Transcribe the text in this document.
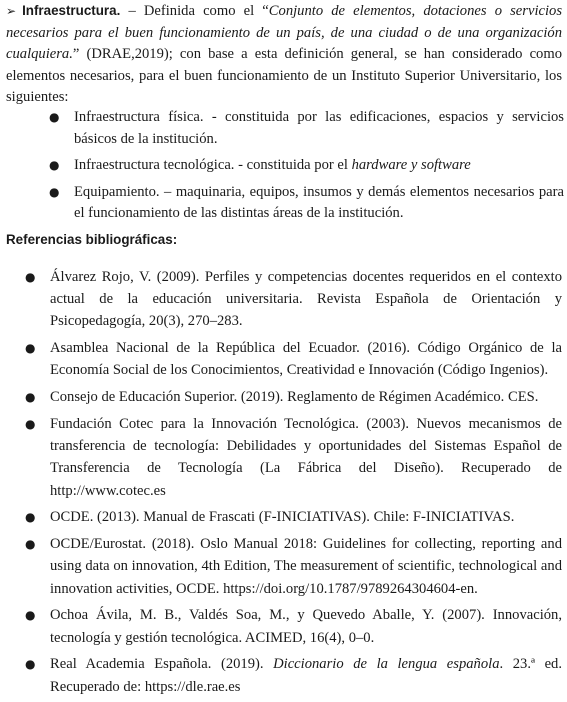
➢ Infraestructura. – Definida como el “Conjunto de elementos, dotaciones o servicios necesarios para el buen funcionamiento de un país, de una ciudad o de una organización cualquiera.” (DRAE,2019); con base a esta definición general, se han considerado como elementos necesarios, para el buen funcionamiento de un Instituto Superior Universitario, los siguientes:

● Infraestructura física. - constituida por las edificaciones, espacios y servicios básicos de la institución.
● Infraestructura tecnológica. - constituida por el hardware y software
● Equipamiento. – maquinaria, equipos, insumos y demás elementos necesarios para el funcionamiento de las distintas áreas de la institución.
Referencias bibliográficas:
● Álvarez Rojo, V. (2009). Perfiles y competencias docentes requeridos en el contexto actual de la educación universitaria. Revista Española de Orientación y Psicopedagogía, 20(3), 270–283.
● Asamblea Nacional de la República del Ecuador. (2016). Código Orgánico de la Economía Social de los Conocimientos, Creatividad e Innovación (Código Ingenios).
● Consejo de Educación Superior. (2019). Reglamento de Régimen Académico. CES.
● Fundación Cotec para la Innovación Tecnológica. (2003). Nuevos mecanismos de transferencia de tecnología: Debilidades y oportunidades del Sistemas Español de Transferencia de Tecnología (La Fábrica del Diseño). Recuperado de http://www.cotec.es
● OCDE. (2013). Manual de Frascati (F-INICIATIVAS). Chile: F-INICIATIVAS.
● OCDE/Eurostat. (2018). Oslo Manual 2018: Guidelines for collecting, reporting and using data on innovation, 4th Edition, The measurement of scientific, technological and innovation activities, OCDE. https://doi.org/10.1787/9789264304604-en.
● Ochoa Ávila, M. B., Valdés Soa, M., y Quevedo Aballe, Y. (2007). Innovación, tecnología y gestión tecnológica. ACIMED, 16(4), 0–0.
● Real Academia Española. (2019). Diccionario de la lengua española. 23.ª ed. Recuperado de: https://dle.rae.es
